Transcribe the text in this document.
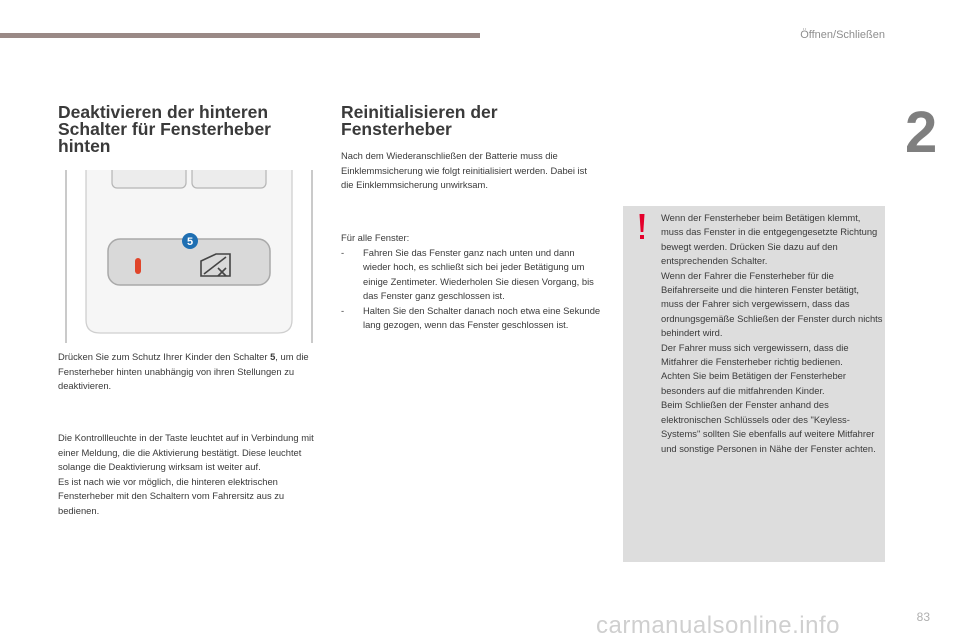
Öffnen/Schließen
2
Deaktivieren der hinteren Schalter für Fensterheber hinten
5

Drücken Sie zum Schutz Ihrer Kinder den Schalter 5, um die Fensterheber hinten unabhängig von ihren Stellungen zu deaktivieren.

Die Kontrollleuchte in der Taste leuchtet auf in Verbindung mit einer Meldung, die die Aktivierung bestätigt. Diese leuchtet solange die Deaktivierung wirksam ist weiter auf.
Es ist nach wie vor möglich, die hinteren elektrischen Fensterheber mit den Schaltern vom Fahrersitz aus zu bedienen.
Reinitialisieren der Fensterheber

Nach dem Wiederanschließen der Batterie muss die Einklemmsicherung wie folgt reinitialisiert werden. Dabei ist die Einklemmsicherung unwirksam.

Für alle Fenster:
- Fahren Sie das Fenster ganz nach unten und dann wieder hoch, es schließt sich bei jeder Betätigung um einige Zentimeter. Wiederholen Sie diesen Vorgang, bis das Fenster ganz geschlossen ist.
- Halten Sie den Schalter danach noch etwa eine Sekunde lang gezogen, wenn das Fenster geschlossen ist.
Wenn der Fensterheber beim Betätigen klemmt, muss das Fenster in die entgegengesetzte Richtung bewegt werden. Drücken Sie dazu auf den entsprechenden Schalter.
Wenn der Fahrer die Fensterheber für die Beifahrerseite und die hinteren Fenster betätigt, muss der Fahrer sich vergewissern, dass das ordnungsgemäße Schließen der Fenster durch nichts behindert wird.
Der Fahrer muss sich vergewissern, dass die Mitfahrer die Fensterheber richtig bedienen.
Achten Sie beim Betätigen der Fensterheber besonders auf die mitfahrenden Kinder.
Beim Schließen der Fenster anhand des elektronischen Schlüssels oder des "Keyless-Systems" sollten Sie ebenfalls auf weitere Mitfahrer und sonstige Personen in Nähe der Fenster achten.
carmanualsonline.info	83
